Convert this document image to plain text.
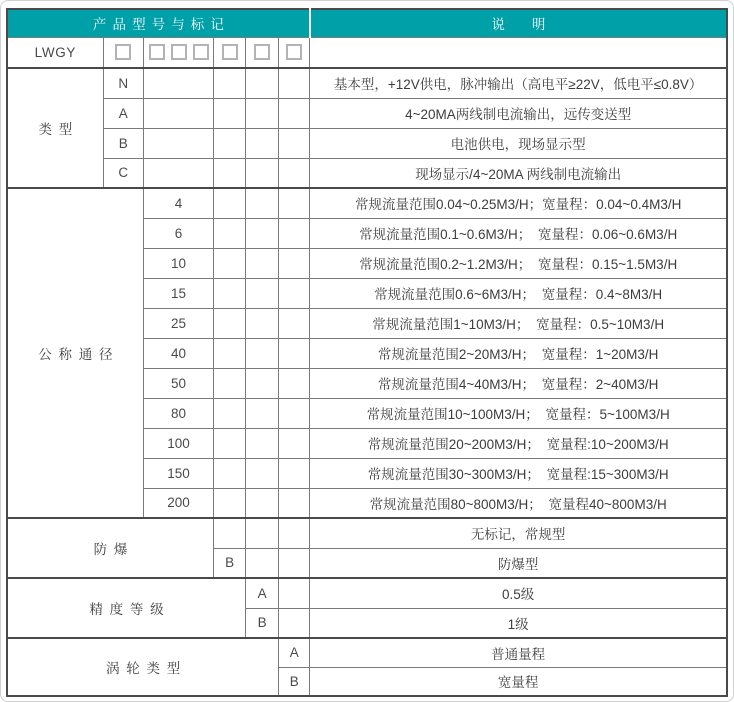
产品型号与标记						说　　明
LWGY						
类型	N					基本型，+12V供电，脉冲输出（高电平≥22V，低电平≤0.8V）
	A					4~20MA两线制电流输出，远传变送型
	B					电池供电，现场显示型
	C					现场显示/4~20MA 两线制电流输出
公称通径		4				常规流量范围0.04~0.25M3/H；宽量程：0.04~0.4M3/H
		6				常规流量范围0.1~0.6M3/H；　宽量程：0.06~0.6M3/H
		10				常规流量范围0.2~1.2M3/H；　宽量程：0.15~1.5M3/H
		15				常规流量范围0.6~6M3/H；　宽量程：0.4~8M3/H
		25				常规流量范围1~10M3/H；　宽量程：0.5~10M3/H
		40				常规流量范围2~20M3/H；　宽量程：1~20M3/H
		50				常规流量范围4~40M3/H；　宽量程：2~40M3/H
		80				常规流量范围10~100M3/H；　宽量程：5~100M3/H
		100				常规流量范围20~200M3/H；　宽量程:10~200M3/H
		150				常规流量范围30~300M3/H；　宽量程:15~300M3/H
		200				常规流量范围80~800M3/H；　宽量程40~800M3/H
防爆						无标记，常规型
			B			防爆型
精度等级				A		0.5级
				B		1级
涡轮类型					A	普通量程
					B	宽量程
